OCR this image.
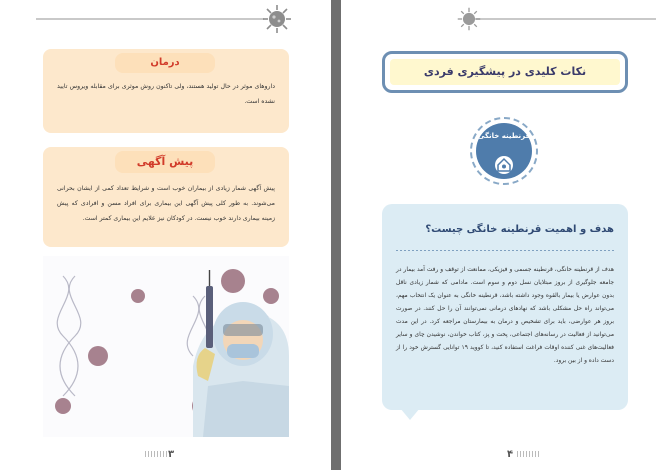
درمان
داروهای موثر در حال تولید هستند، ولی تاکنون روش موثری برای مقابله ویروس تایید نشده است.
پیش آگهی
پیش آگهی شمار زیادی از بیماران خوب است و شرایط تعداد کمی از ایشان بحرانی می‌شوند. به طور کلی پیش آگهی این بیماری برای افراد مسن و افرادی که پیش زمینه بیماری دارند خوب نیست. در کودکان نیز علایم این بیماری کمتر است.
۳	۴
نکات کلیدی در پیشگیری فردی
قرنطینه خانگی
هدف و اهمیت قرنطینه خانگی چیست؟
هدف از قرنطینه خانگی، قرنطینه جسمی و فیزیکی، ممانعت از توقف و رفت آمد بیمار در جامعه جلوگیری از بروز مبتلایان نسل دوم و سوم است. مادامی که شمار زیادی ناقل بدون عوارض یا بیمار بالقوه وجود داشته باشد، قرنطینه خانگی به عنوان یک انتخاب مهم، می‌تواند راه حل مشکلی باشد که نهادهای درمانی نمی‌توانند آن را حل کنند. در صورت بروز هر عوارضی، باید برای تشخیص و درمان به بیمارستان مراجعه کرد. در این مدت می‌توانید از فعالیت در رسانه‌های اجتماعی، پخت و پز، کتاب خواندن، نوشیدن چای و سایر فعالیت‌های غنی کننده اوقات فراغت استفاده کنید، تا کووید ۱۹ توانایی گسترش خود را از دست داده و از بین برود.
